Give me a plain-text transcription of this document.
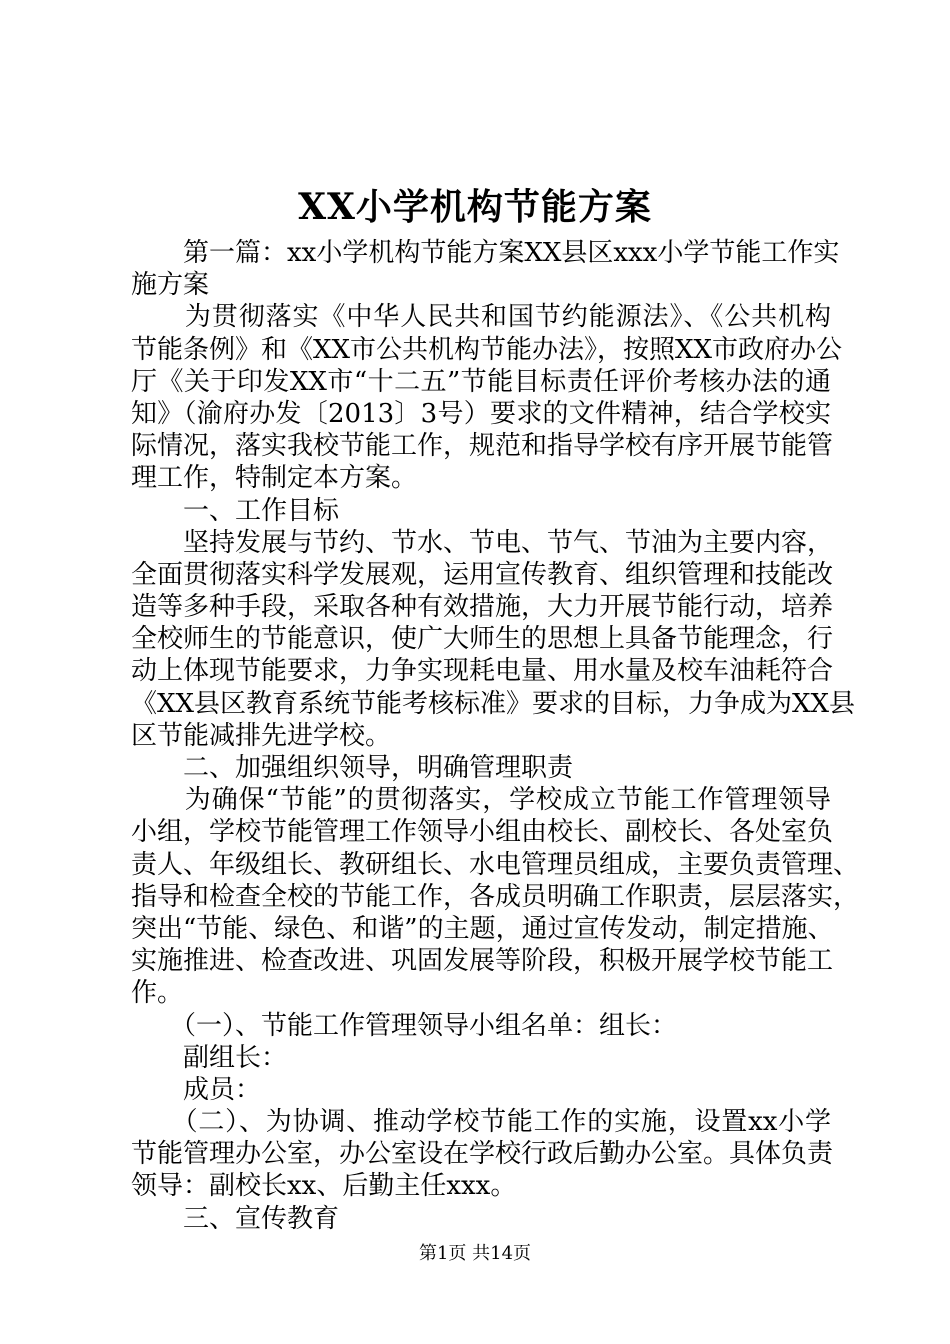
XX小学机构节能方案
　　第一篇：xx小学机构节能方案XX县区xxx小学节能工作实
施方案
　　为贯彻落实《中华人民共和国节约能源法》、《公共机构
节能条例》和《XX市公共机构节能办法》，按照XX市政府办公
厅《关于印发XX市“十二五”节能目标责任评价考核办法的通
知》（渝府办发〔2013〕3号）要求的文件精神，结合学校实
际情况，落实我校节能工作，规范和指导学校有序开展节能管
理工作，特制定本方案。
　　一、工作目标
　　坚持发展与节约、节水、节电、节气、节油为主要内容，
全面贯彻落实科学发展观，运用宣传教育、组织管理和技能改
造等多种手段，采取各种有效措施，大力开展节能行动，培养
全校师生的节能意识，使广大师生的思想上具备节能理念，行
动上体现节能要求，力争实现耗电量、用水量及校车油耗符合
《XX县区教育系统节能考核标准》要求的目标，力争成为XX县
区节能减排先进学校。
　　二、加强组织领导，明确管理职责
　　为确保“节能”的贯彻落实，学校成立节能工作管理领导
小组，学校节能管理工作领导小组由校长、副校长、各处室负
责人、年级组长、教研组长、水电管理员组成，主要负责管理、
指导和检查全校的节能工作，各成员明确工作职责，层层落实，
突出“节能、绿色、和谐”的主题，通过宣传发动，制定措施、
实施推进、检查改进、巩固发展等阶段，积极开展学校节能工
作。
　　（一）、节能工作管理领导小组名单：组长：
　　副组长：
　　成员：
　　（二）、为协调、推动学校节能工作的实施，设置xx小学
节能管理办公室，办公室设在学校行政后勤办公室。具体负责
领导：副校长xx、后勤主任xxx。
　　三、宣传教育
第1页 共14页
